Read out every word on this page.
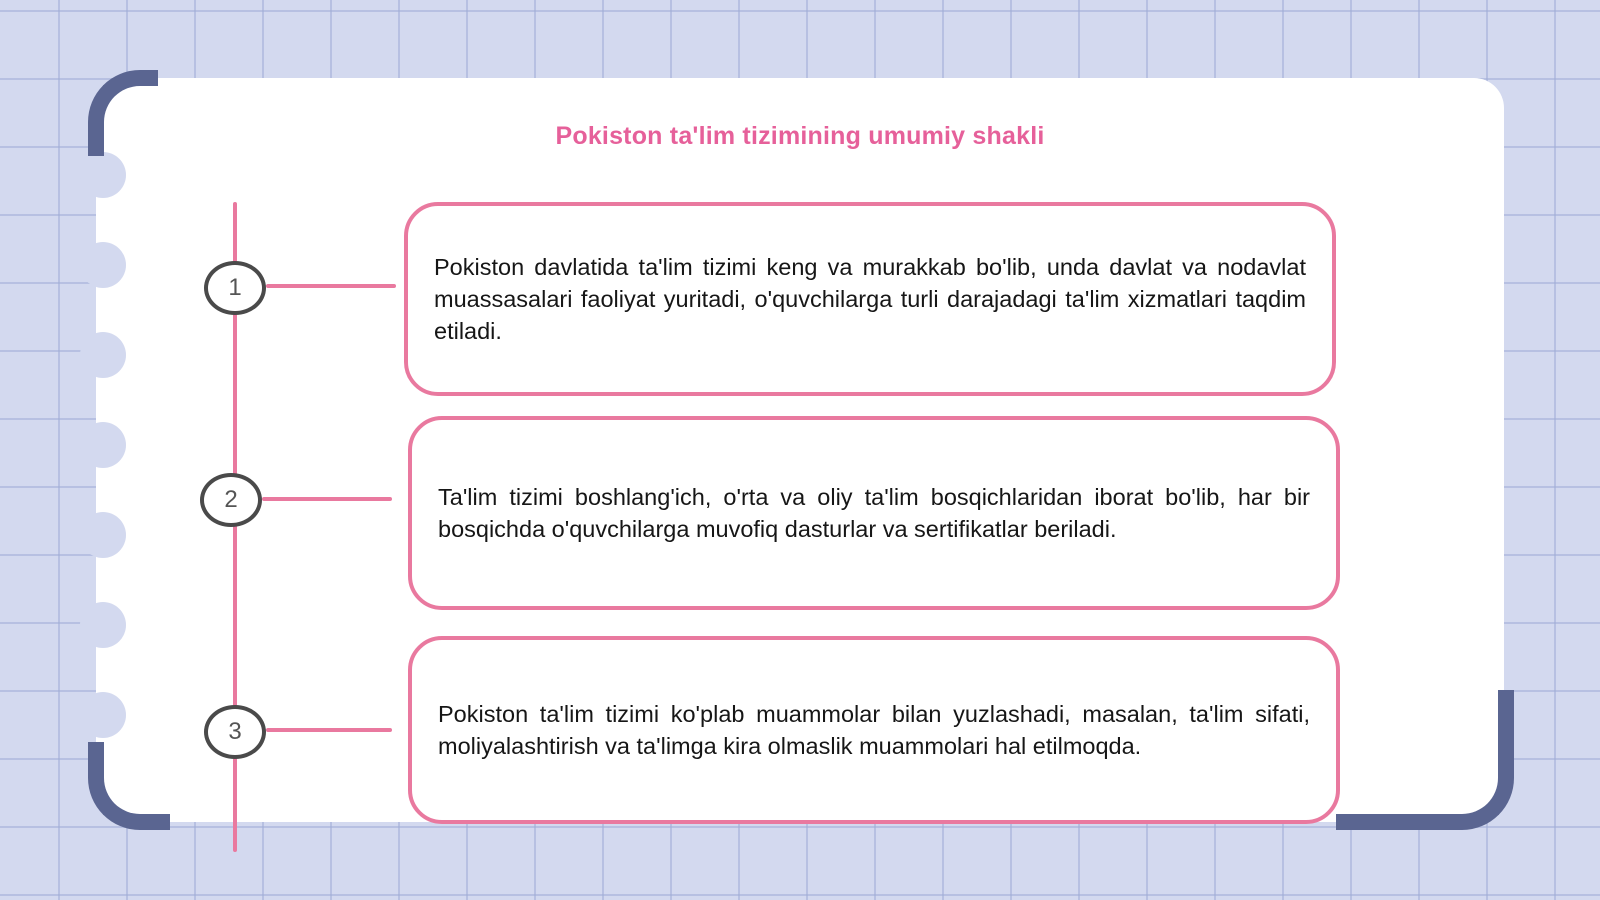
Pokiston ta'lim tizimining umumiy shakli
1
2
3

Pokiston davlatida ta'lim tizimi keng va murakkab bo'lib, unda davlat va nodavlat muassasalari faoliyat yuritadi, o'quvchilarga turli darajadagi ta'lim xizmatlari taqdim etiladi.

Ta'lim tizimi boshlang'ich, o'rta va oliy ta'lim bosqichlaridan iborat bo'lib, har bir bosqichda o'quvchilarga muvofiq dasturlar va sertifikatlar beriladi.

Pokiston ta'lim tizimi ko'plab muammolar bilan yuzlashadi, masalan, ta'lim sifati, moliyalashtirish va ta'limga kira olmaslik muammolari hal etilmoqda.
